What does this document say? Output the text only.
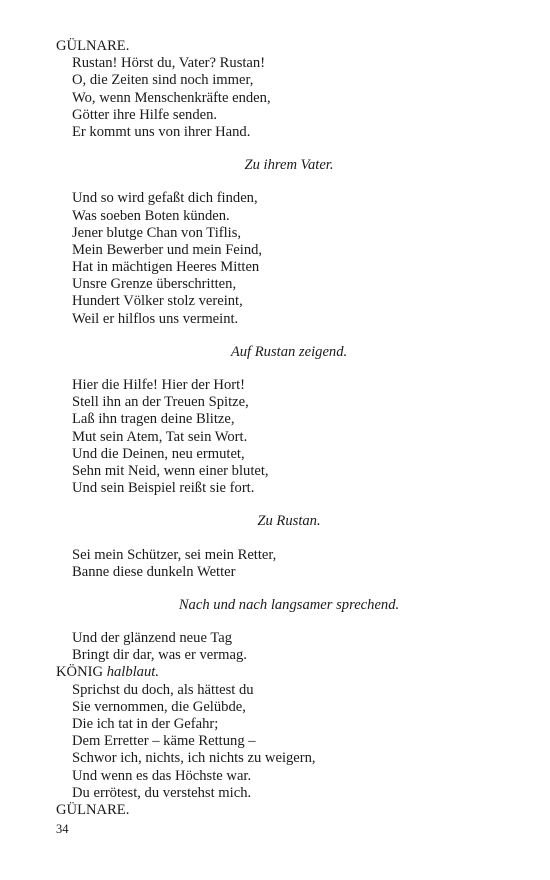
GÜLNARE.
Rustan! Hörst du, Vater? Rustan!
O, die Zeiten sind noch immer,
Wo, wenn Menschenkräfte enden,
Götter ihre Hilfe senden.
Er kommt uns von ihrer Hand.
Zu ihrem Vater.
Und so wird gefaßt dich finden,
Was soeben Boten künden.
Jener blutge Chan von Tiflis,
Mein Bewerber und mein Feind,
Hat in mächtigen Heeres Mitten
Unsre Grenze überschritten,
Hundert Völker stolz vereint,
Weil er hilflos uns vermeint.
Auf Rustan zeigend.
Hier die Hilfe! Hier der Hort!
Stell ihn an der Treuen Spitze,
Laß ihn tragen deine Blitze,
Mut sein Atem, Tat sein Wort.
Und die Deinen, neu ermutet,
Sehn mit Neid, wenn einer blutet,
Und sein Beispiel reißt sie fort.
Zu Rustan.
Sei mein Schützer, sei mein Retter,
Banne diese dunkeln Wetter
Nach und nach langsamer sprechend.
Und der glänzend neue Tag
Bringt dir dar, was er vermag.
KÖNIG halblaut.
Sprichst du doch, als hättest du
Sie vernommen, die Gelübde,
Die ich tat in der Gefahr;
Dem Erretter – käme Rettung –
Schwor ich, nichts, ich nichts zu weigern,
Und wenn es das Höchste war.
Du errötest, du verstehst mich.
GÜLNARE.
34
